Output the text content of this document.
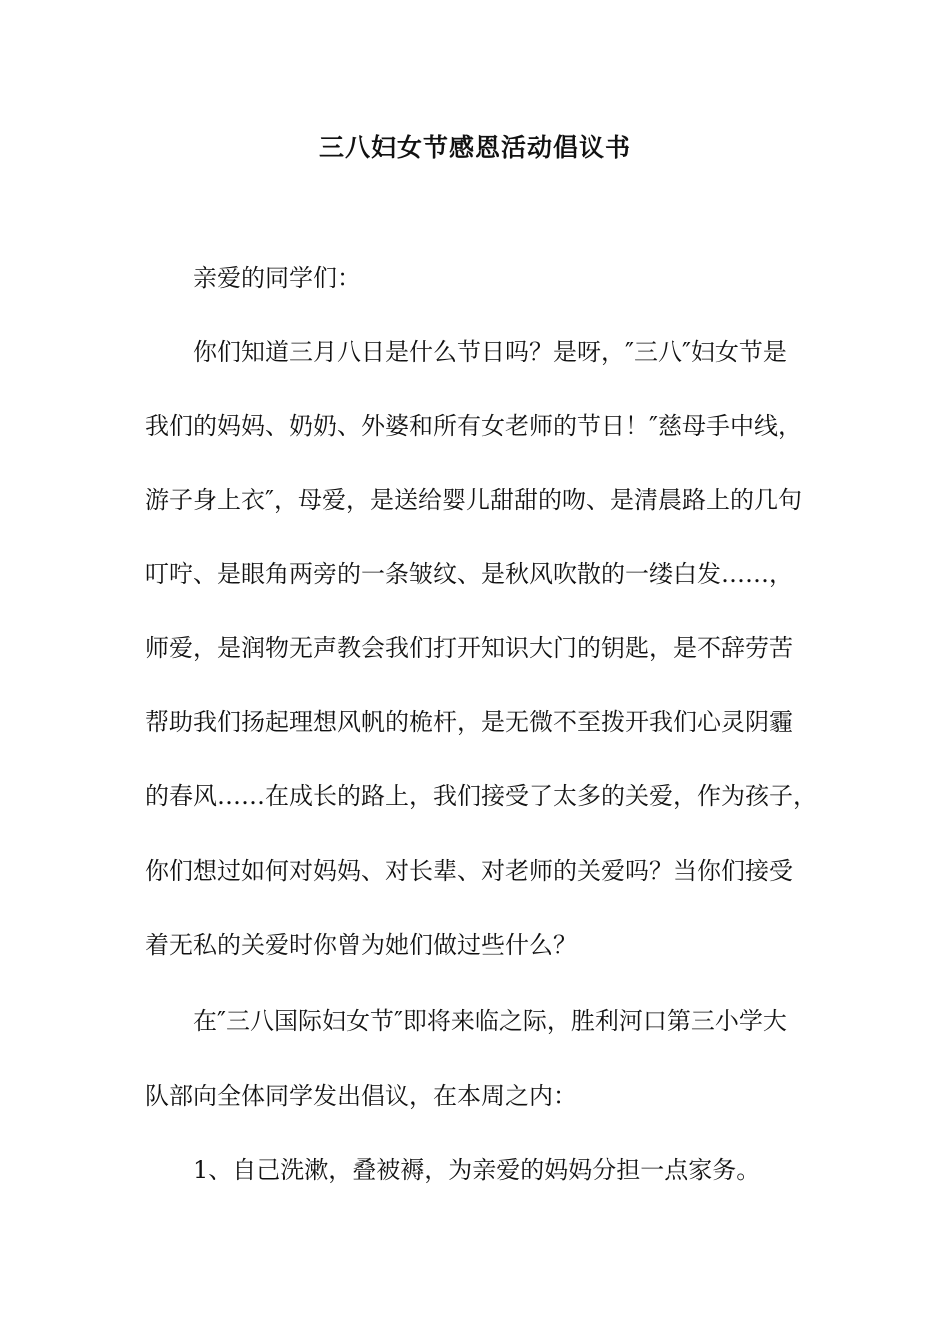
三八妇女节感恩活动倡议书
亲爱的同学们：
你们知道三月八日是什么节日吗？是呀，″三八″妇女节是
我们的妈妈、奶奶、外婆和所有女老师的节日！″慈母手中线，
游子身上衣″，母爱，是送给婴儿甜甜的吻、是清晨路上的几句
叮咛、是眼角两旁的一条皱纹、是秋风吹散的一缕白发……，
师爱，是润物无声教会我们打开知识大门的钥匙，是不辞劳苦
帮助我们扬起理想风帆的桅杆，是无微不至拨开我们心灵阴霾
的春风……在成长的路上，我们接受了太多的关爱，作为孩子，
你们想过如何对妈妈、对长辈、对老师的关爱吗？当你们接受
着无私的关爱时你曾为她们做过些什么？
在″三八国际妇女节″即将来临之际，胜利河口第三小学大
队部向全体同学发出倡议，在本周之内：
1、自己洗漱，叠被褥，为亲爱的妈妈分担一点家务。
